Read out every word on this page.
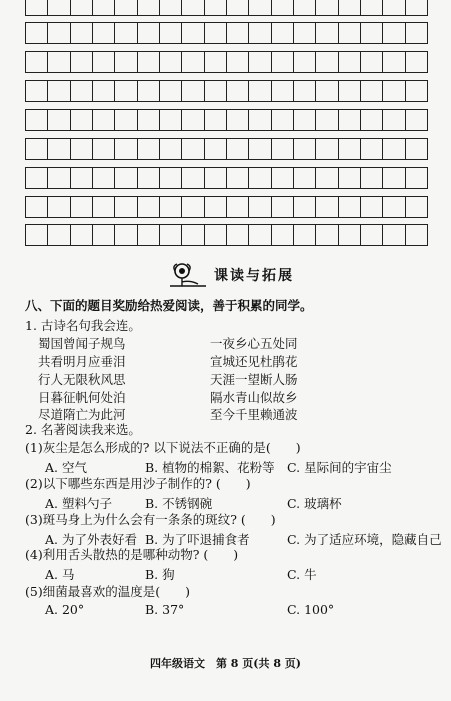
课读与拓展
八、下面的题目奖励给热爱阅读，善于积累的同学。
1. 古诗名句我会连。
蜀国曾闻子规鸟	一夜乡心五处同
共看明月应垂泪	宣城还见杜鹃花
行人无限秋风思	天涯一望断人肠
日暮征帆何处泊	隔水青山似故乡
尽道隋亡为此河	至今千里赖通波
2. 名著阅读我来选。
(1)灰尘是怎么形成的? 以下说法不正确的是(　　)
A. 空气	B. 植物的棉絮、花粉等 C. 星际间的宇宙尘
(2)以下哪些东西是用沙子制作的? (　　)
A. 塑料勺子	B. 不锈钢碗	C. 玻璃杯
(3)斑马身上为什么会有一条条的斑纹? (　　)
A. 为了外表好看 B. 为了吓退捕食者	C. 为了适应环境，隐藏自己
(4)利用舌头散热的是哪种动物? (　　)
A. 马	B. 狗	C. 牛
(5)细菌最喜欢的温度是(　　)
A. 20°	B. 37°	C. 100°
四年级语文　第 8 页(共 8 页)
